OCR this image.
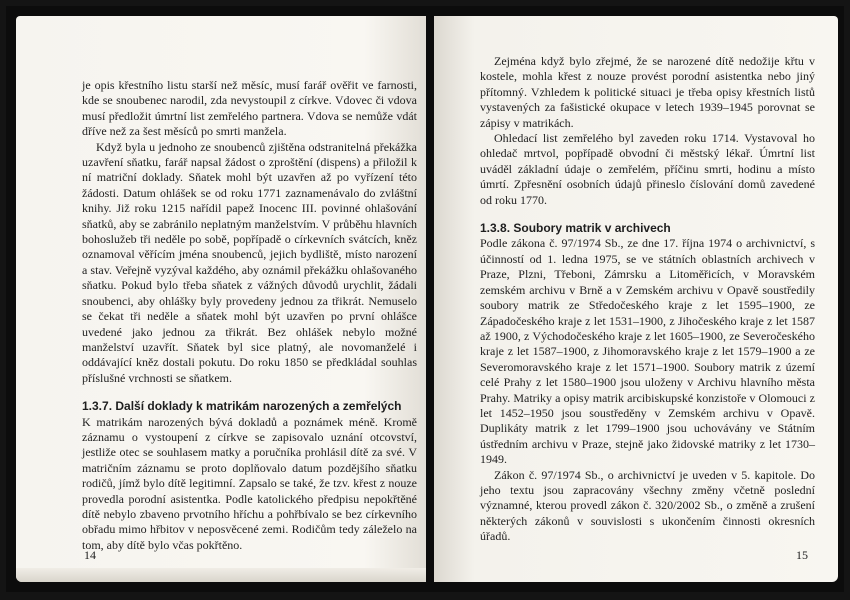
je opis křestního listu starší než měsíc, musí farář ověřit ve farnosti, kde se snoubenec narodil, zda nevystoupil z církve. Vdovec či vdova musí předložit úmrtní list zemřelého partnera. Vdova se nemůže vdát dříve než za šest měsíců po smrti manžela.

Když byla u jednoho ze snoubenců zjištěna odstranitelná překážka uzavření sňatku, farář napsal žádost o zproštění (dispens) a přiložil k ní matriční doklady. Sňatek mohl být uzavřen až po vyřízení této žádosti. Datum ohlášek se od roku 1771 zaznamenávalo do zvláštní knihy. Již roku 1215 nařídil papež Inocenc III. povinné ohlašování sňatků, aby se zabránilo neplatným manželstvím. V průběhu hlavních bohoslužeb tři neděle po sobě, popřípadě o církevních svátcích, kněz oznamoval věřícím jména snoubenců, jejich bydliště, místo narození a stav. Veřejně vyzýval každého, aby oznámil překážku ohlašovaného sňatku. Pokud bylo třeba sňatek z vážných důvodů urychlit, žádali snoubenci, aby ohlášky byly provedeny jednou za třikrát. Nemuselo se čekat tři neděle a sňatek mohl být uzavřen po první ohlášce uvedené jako jednou za třikrát. Bez ohlášek nebylo možné manželství uzavřít. Sňatek byl sice platný, ale novomanželé i oddávající kněz dostali pokutu. Do roku 1850 se předkládal souhlas příslušné vrchnosti se sňatkem.

1.3.7. Další doklady k matrikám narozených a zemřelých

K matrikám narozených bývá dokladů a poznámek méně. Kromě záznamu o vystoupení z církve se zapisovalo uznání otcovství, jestliže otec se souhlasem matky a poručníka prohlásil dítě za své. V matričním záznamu se proto doplňovalo datum pozdějšího sňatku rodičů, jímž bylo dítě legitimní. Zapsalo se také, že tzv. křest z nouze provedla porodní asistentka. Podle katolického předpisu nepokřtěné dítě nebylo zbaveno prvotního hříchu a pohřbívalo se bez církevního obřadu mimo hřbitov v neposvěcené zemi. Rodičům tedy záleželo na tom, aby dítě bylo včas pokřtěno.

14

Zejména když bylo zřejmé, že se narozené dítě nedožije křtu v kostele, mohla křest z nouze provést porodní asistentka nebo jiný přítomný. Vzhledem k politické situaci je třeba opisy křestních listů vystavených za fašistické okupace v letech 1939–1945 porovnat se zápisy v matrikách.

Ohledací list zemřelého byl zaveden roku 1714. Vystavoval ho ohledač mrtvol, popřípadě obvodní či městský lékař. Úmrtní list uváděl základní údaje o zemřelém, příčinu smrti, hodinu a místo úmrtí. Zpřesnění osobních údajů přineslo číslování domů zavedené od roku 1770.

1.3.8. Soubory matrik v archivech

Podle zákona č. 97/1974 Sb., ze dne 17. října 1974 o archivnictví, s účinností od 1. ledna 1975, se ve státních oblastních archivech v Praze, Plzni, Třeboni, Zámrsku a Litoměřicích, v Moravském zemském archivu v Brně a v Zemském archivu v Opavě soustředily soubory matrik ze Středočeského kraje z let 1595–1900, ze Západočeského kraje z let 1531–1900, z Jihočeského kraje z let 1587 až 1900, z Východočeského kraje z let 1605–1900, ze Severočeského kraje z let 1587–1900, z Jihomoravského kraje z let 1579–1900 a ze Severomoravského kraje z let 1571–1900. Soubory matrik z území celé Prahy z let 1580–1900 jsou uloženy v Archivu hlavního města Prahy. Matriky a opisy matrik arcibiskupské konzistoře v Olomouci z let 1452–1950 jsou soustředěny v Zemském archivu v Opavě. Duplikáty matrik z let 1799–1900 jsou uchovávány ve Státním ústředním archivu v Praze, stejně jako židovské matriky z let 1730–1949.

Zákon č. 97/1974 Sb., o archivnictví je uveden v 5. kapitole. Do jeho textu jsou zapracovány všechny změny včetně poslední významné, kterou provedl zákon č. 320/2002 Sb., o změně a zrušení některých zákonů v souvislosti s ukončením činnosti okresních úřadů.

15
